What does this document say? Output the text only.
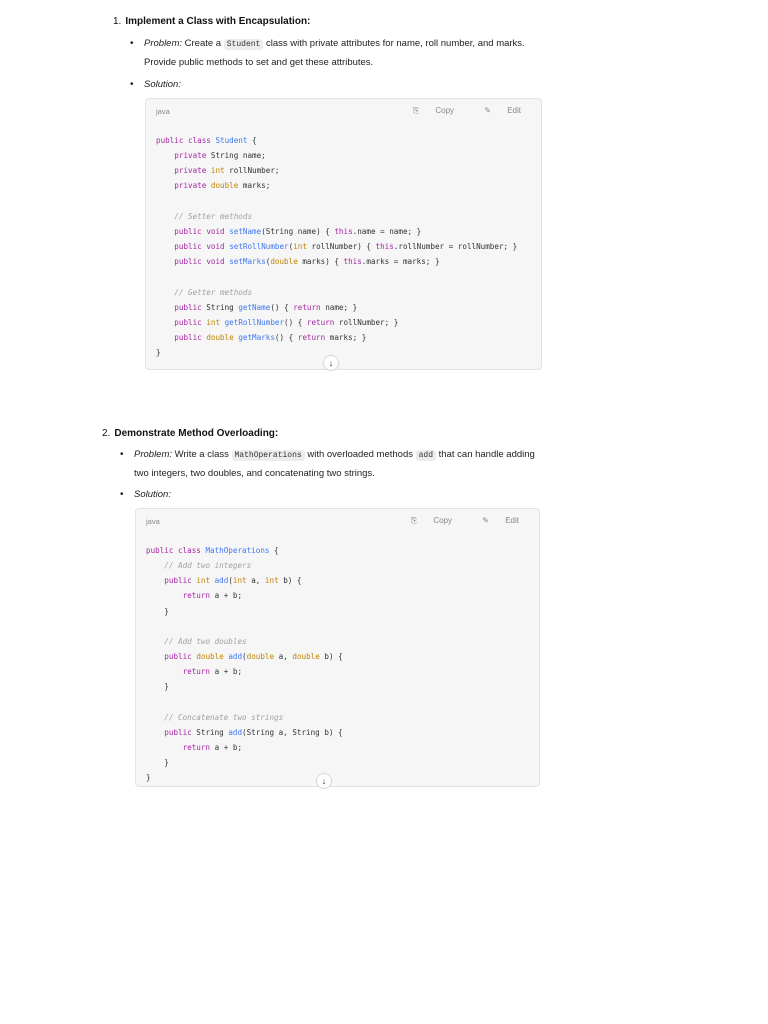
1. Implement a Class with Encapsulation:
• Problem: Create a Student class with private attributes for name, roll number, and marks.
Provide public methods to set and get these attributes.
• Solution:
java	⎘ Copy	✎ Edit
public class Student {
private String name;
private int rollNumber;
private double marks;

// Setter methods
public void setName(String name) { this.name = name; }
public void setRollNumber(int rollNumber) { this.rollNumber = rollNumber; }
public void setMarks(double marks) { this.marks = marks; }

// Getter methods
public String getName() { return name; }
public int getRollNumber() { return rollNumber; }
public double getMarks() { return marks; }
}
↓
2. Demonstrate Method Overloading:
• Problem: Write a class MathOperations with overloaded methods add that can handle adding
two integers, two doubles, and concatenating two strings.
• Solution:
java	⎘ Copy	✎ Edit
public class MathOperations {
// Add two integers
public int add(int a, int b) {
return a + b;
}

// Add two doubles
public double add(double a, double b) {
return a + b;
}

// Concatenate two strings
public String add(String a, String b) {
return a + b;
}
}	↓
